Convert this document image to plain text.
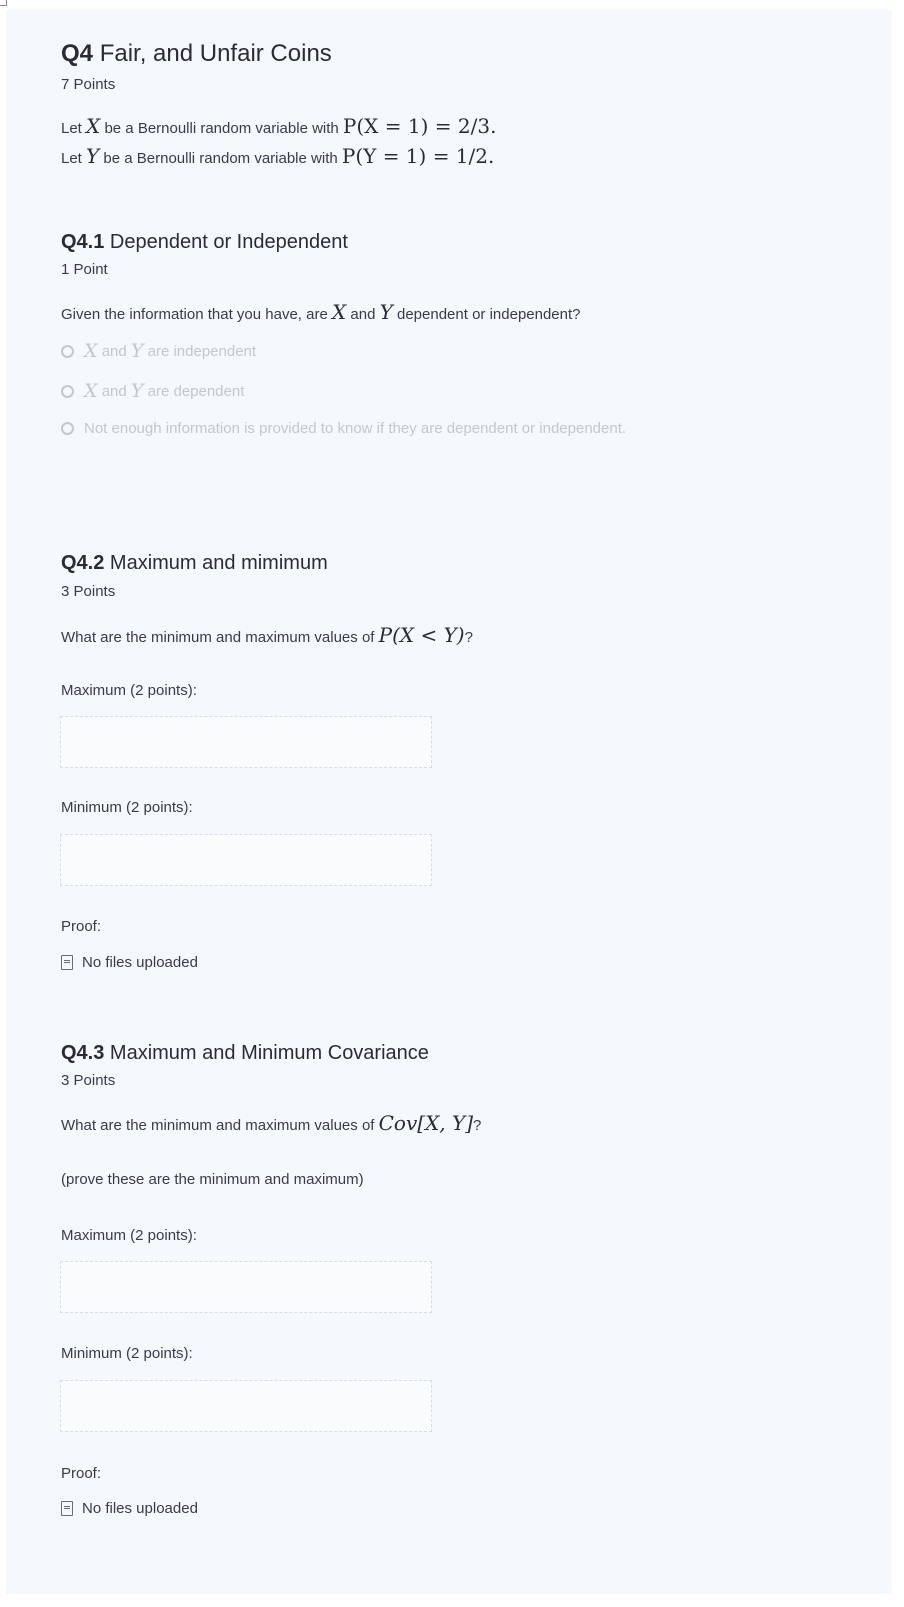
Q4 Fair, and Unfair Coins
7 Points
Let X be a Bernoulli random variable with P(X = 1) = 2/3.
Let Y be a Bernoulli random variable with P(Y = 1) = 1/2.
Q4.1 Dependent or Independent
1 Point
Given the information that you have, are X and Y dependent or independent?
X
and
Y
are independent
X
and
Y
are dependent
Not enough information is provided to know if they are dependent or independent.
Q4.2 Maximum and mimimum
3 Points
What are the minimum and maximum values of P(X < Y)?
Maximum (2 points):
Minimum (2 points):
Proof:
No files uploaded
Q4.3 Maximum and Minimum Covariance
3 Points
What are the minimum and maximum values of Cov[X, Y]?
(prove these are the minimum and maximum)
Maximum (2 points):
Minimum (2 points):
Proof:
No files uploaded
